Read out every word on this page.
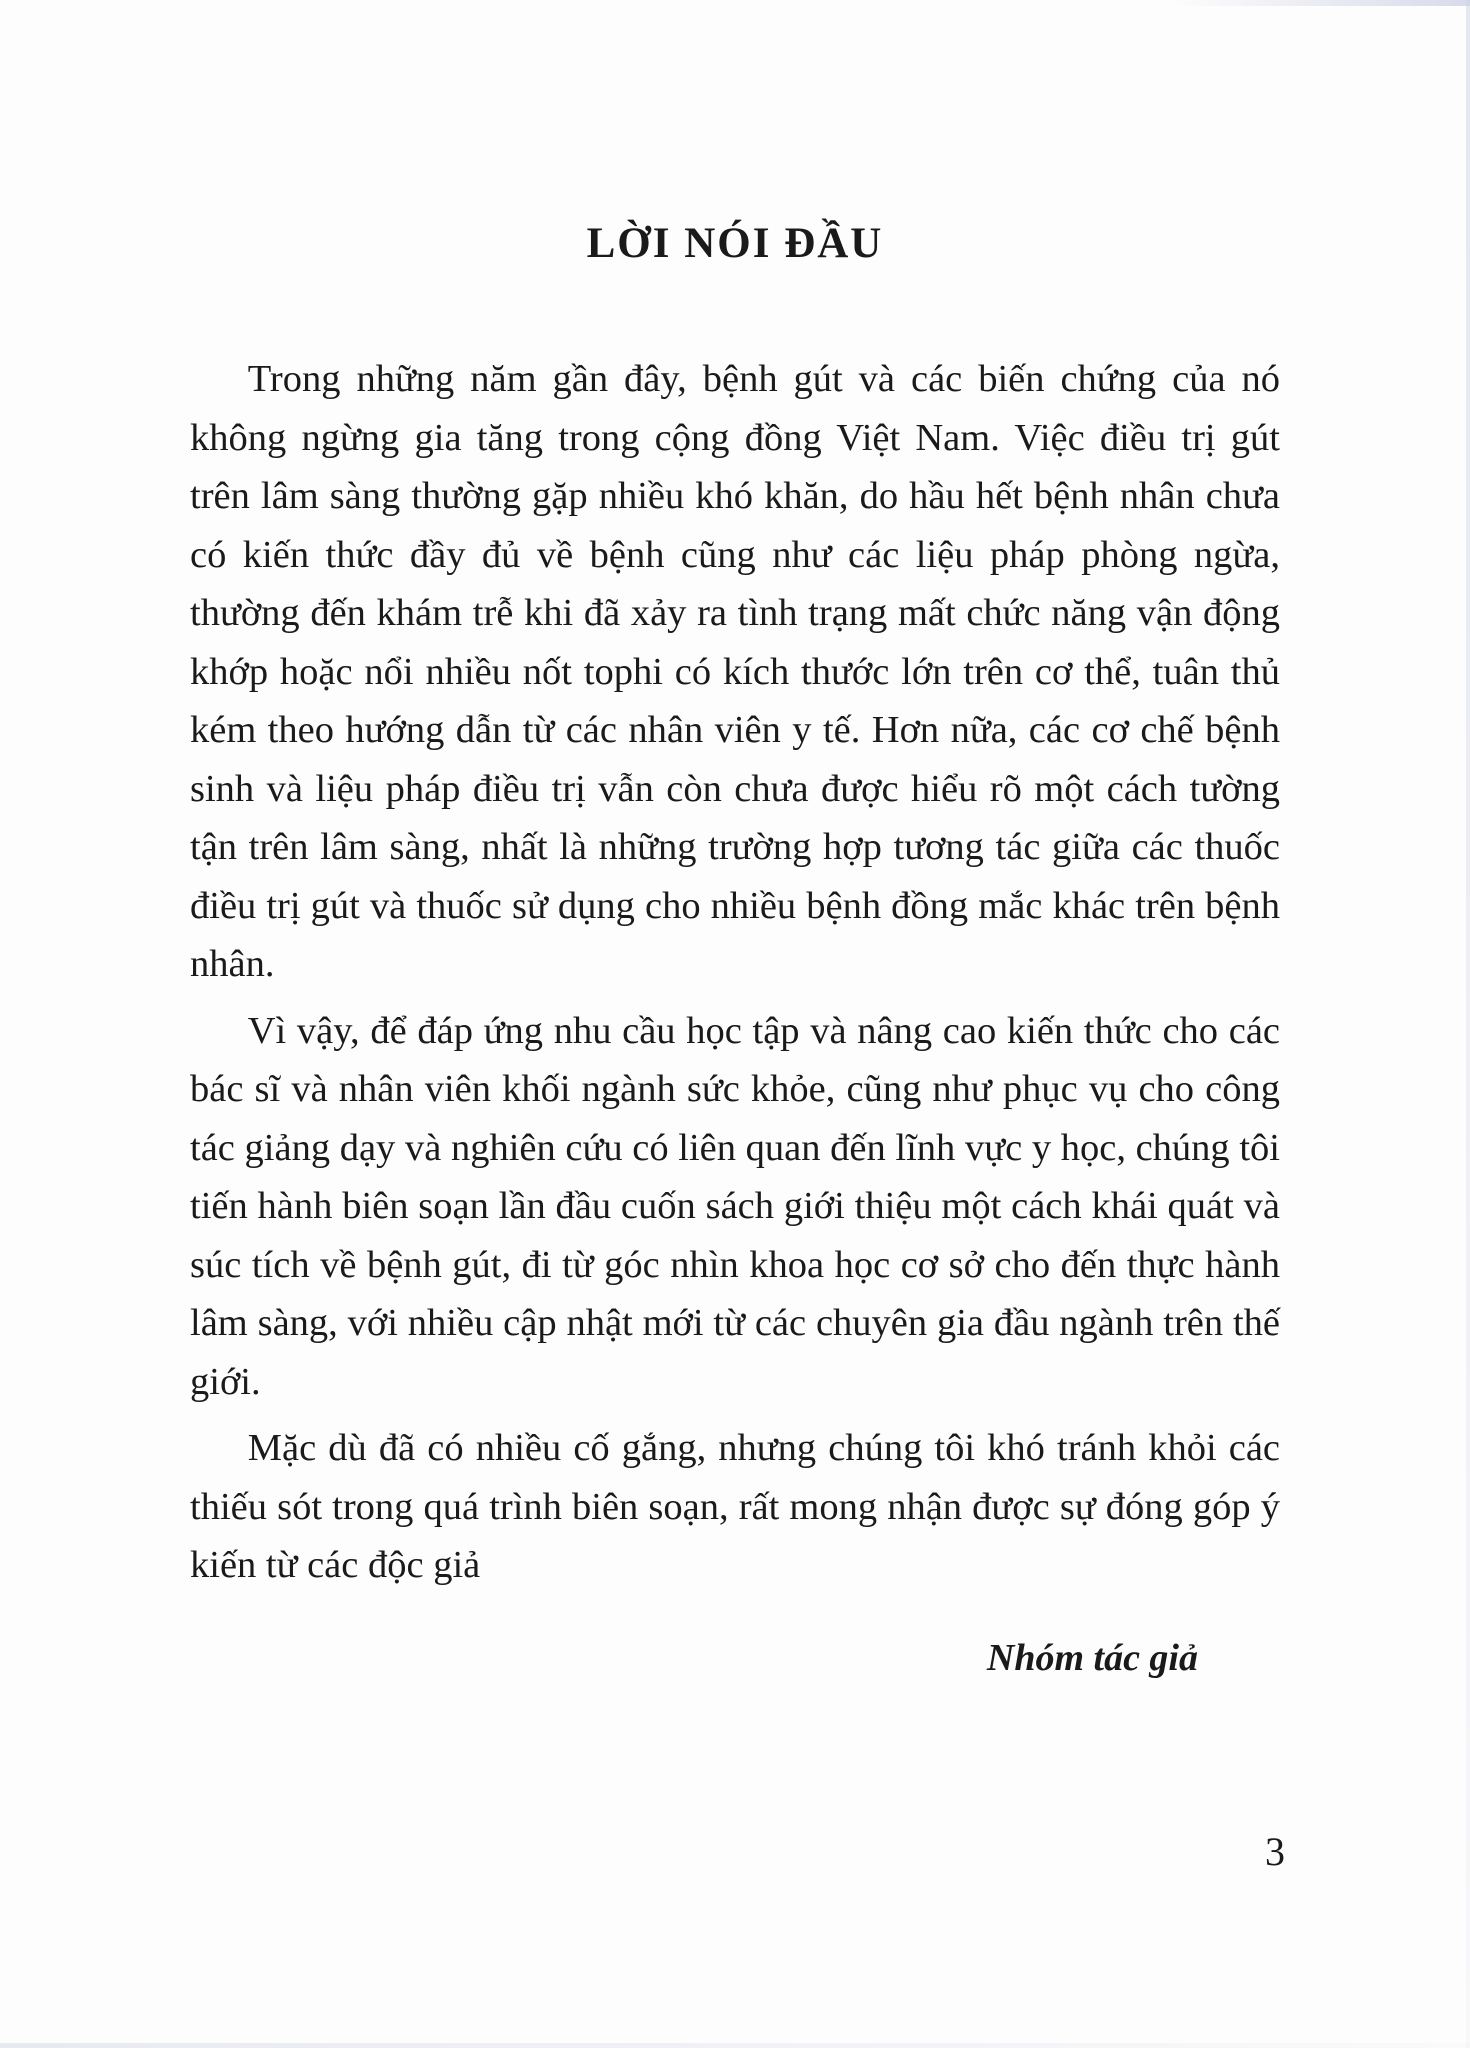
LỜI NÓI ĐẦU

Trong những năm gần đây, bệnh gút và các biến chứng của nó không ngừng gia tăng trong cộng đồng Việt Nam. Việc điều trị gút trên lâm sàng thường gặp nhiều khó khăn, do hầu hết bệnh nhân chưa có kiến thức đầy đủ về bệnh cũng như các liệu pháp phòng ngừa, thường đến khám trễ khi đã xảy ra tình trạng mất chức năng vận động khớp hoặc nổi nhiều nốt tophi có kích thước lớn trên cơ thể, tuân thủ kém theo hướng dẫn từ các nhân viên y tế. Hơn nữa, các cơ chế bệnh sinh và liệu pháp điều trị vẫn còn chưa được hiểu rõ một cách tường tận trên lâm sàng, nhất là những trường hợp tương tác giữa các thuốc điều trị gút và thuốc sử dụng cho nhiều bệnh đồng mắc khác trên bệnh nhân.

Vì vậy, để đáp ứng nhu cầu học tập và nâng cao kiến thức cho các bác sĩ và nhân viên khối ngành sức khỏe, cũng như phục vụ cho công tác giảng dạy và nghiên cứu có liên quan đến lĩnh vực y học, chúng tôi tiến hành biên soạn lần đầu cuốn sách giới thiệu một cách khái quát và súc tích về bệnh gút, đi từ góc nhìn khoa học cơ sở cho đến thực hành lâm sàng, với nhiều cập nhật mới từ các chuyên gia đầu ngành trên thế giới.

Mặc dù đã có nhiều cố gắng, nhưng chúng tôi khó tránh khỏi các thiếu sót trong quá trình biên soạn, rất mong nhận được sự đóng góp ý kiến từ các độc giả

Nhóm tác giả

3
